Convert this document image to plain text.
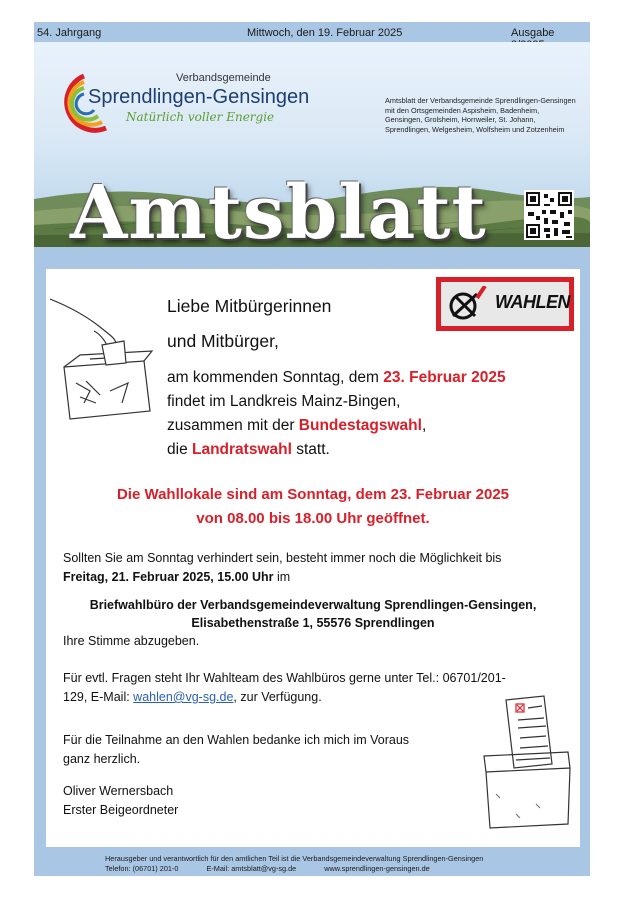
54. Jahrgang	Mittwoch, den 19. Februar 2025	Ausgabe
Verbandsgemeinde
Sprendlingen-Gensingen
Natürlich voller Energie
Amtsblatt der Verbandsgemeinde Sprendlingen-Gensingen
mit den Ortsgemeinden Aspisheim, Badenheim,
Gensingen, Grolsheim, Horrweiler, St. Johann,
Sprendlingen, Welgesheim, Wolfsheim und Zotzenheim
Amtsblatt
Liebe Mitbürgerinnen
und Mitbürger,
WAHLEN
am kommenden Sonntag, dem 23. Februar 2025
findet im Landkreis Mainz-Bingen,
zusammen mit der Bundestagswahl,
die Landratswahl statt.
Die Wahllokale sind am Sonntag, dem 23. Februar 2025
von 08.00 bis 18.00 Uhr geöffnet.
Sollten Sie am Sonntag verhindert sein, besteht immer noch die Möglichkeit bis
Freitag, 21. Februar 2025, 15.00 Uhr im
Briefwahlbüro der Verbandsgemeindeverwaltung Sprendlingen-Gensingen,
Elisabethenstraße 1, 55576 Sprendlingen
Ihre Stimme abzugeben.
Für evtl. Fragen steht Ihr Wahlteam des Wahlbüros gerne unter Tel.: 06701/201-
129, E-Mail: wahlen@vg-sg.de, zur Verfügung.
Für die Teilnahme an den Wahlen bedanke ich mich im Voraus
ganz herzlich.
Oliver Wernersbach
Erster Beigeordneter
Herausgeber und verantwortlich für den amtlichen Teil ist die Verbandsgemeindeverwaltung Sprendlingen-Gensingen
Telefon: (06701) 201-0	E-Mail: amtsblatt@vg-sg.de	www.sprendlingen-gensingen.de
